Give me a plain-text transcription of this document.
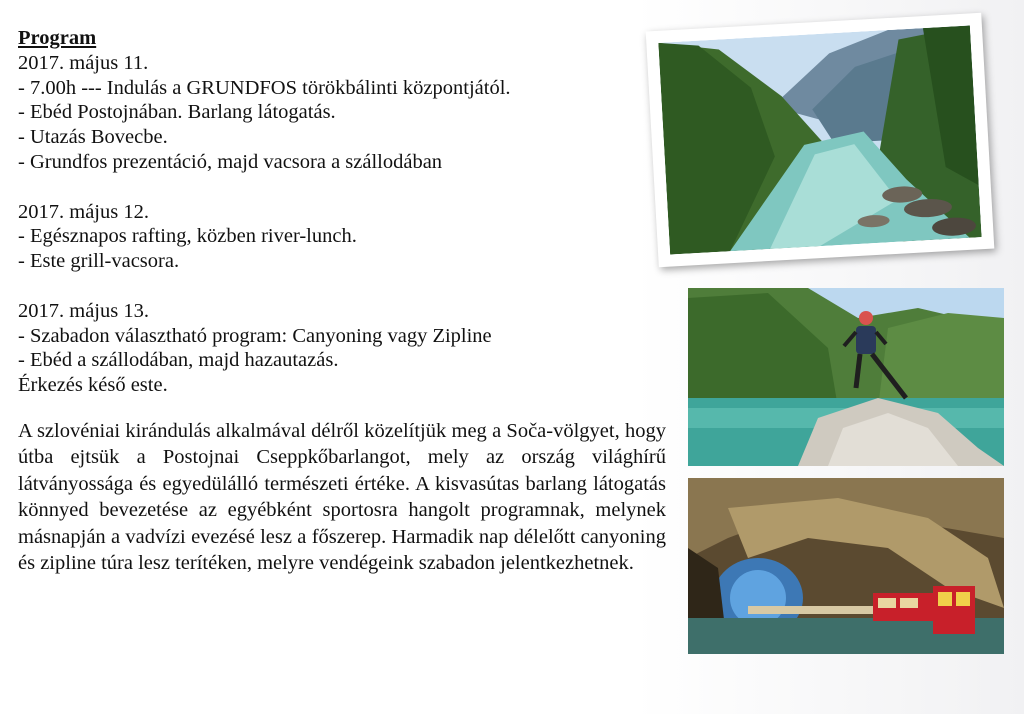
Program
2017. május 11.
- 7.00h --- Indulás a GRUNDFOS törökbálinti központjától.
- Ebéd Postojnában. Barlang látogatás.
- Utazás Bovecbe.
- Grundfos prezentáció, majd vacsora a szállodában
2017. május 12.
- Egésznapos rafting, közben river-lunch.
- Este grill-vacsora.
2017. május 13.
- Szabadon választható program: Canyoning vagy Zipline
- Ebéd a szállodában, majd hazautazás.
Érkezés késő este.
A szlovéniai kirándulás alkalmával délről közelítjük meg a Soča-völgyet, hogy útba ejtsük a Postojnai Cseppkőbarlangot, mely az ország világhírű látványossága és egyedülálló természeti értéke. A kisvasútas barlang látogatás könnyed bevezetése az egyébként sportosra hangolt programnak, melynek másnapján a vadvízi evezésé lesz a főszerep. Harmadik nap délelőtt canyoning és zipline túra lesz terítéken, melyre vendégeink szabadon jelentkezhetnek.
